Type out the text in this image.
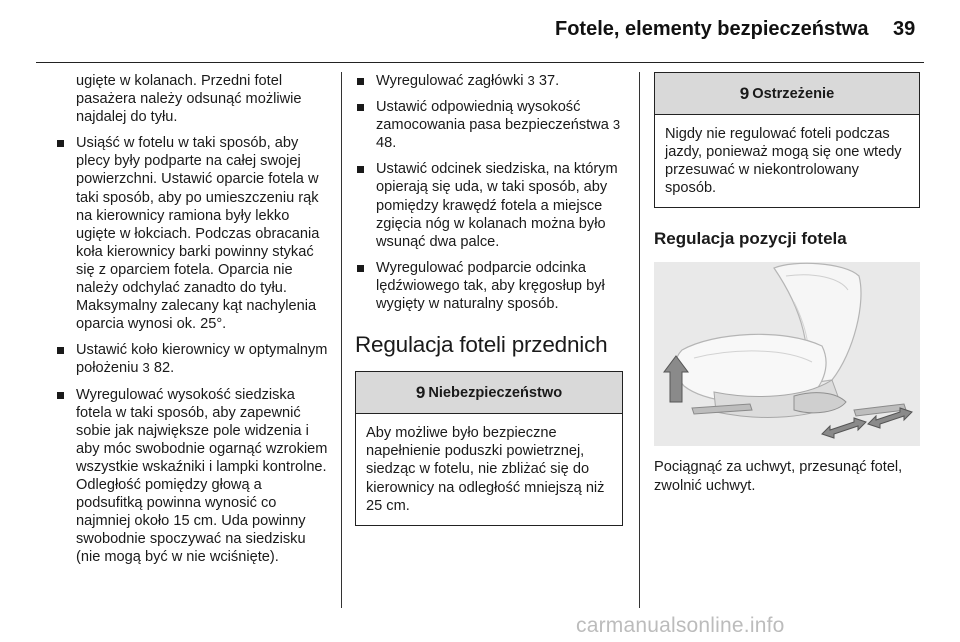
Fotele, elementy bezpieczeństwa 39

ugięte w kolanach. Przedni fotel pasażera należy odsunąć możliwie najdalej do tyłu.

Usiąść w fotelu w taki sposób, aby plecy były podparte na całej swojej powierzchni. Ustawić oparcie fotela w taki sposób, aby po umieszczeniu rąk na kierownicy ramiona były lekko ugięte w łokciach. Podczas obracania koła kierownicy barki powinny stykać się z oparciem fotela. Oparcia nie należy odchylać zanadto do tyłu. Maksymalny zalecany kąt nachylenia oparcia wynosi ok. 25°.
Ustawić koło kierownicy w optymalnym położeniu 3 82.
Wyregulować wysokość siedziska fotela w taki sposób, aby zapewnić sobie jak największe pole widzenia i aby móc swobodnie ogarnąć wzrokiem wszystkie wskaźniki i lampki kontrolne. Odległość pomiędzy głową a podsufitką powinna wynosić co najmniej około 15 cm. Uda powinny swobodnie spoczywać na siedzisku (nie mogą być w nie wciśnięte).
Wyregulować zagłówki 3 37.
Ustawić odpowiednią wysokość zamocowania pasa bezpieczeństwa 3 48.
Ustawić odcinek siedziska, na którym opierają się uda, w taki sposób, aby pomiędzy krawędź fotela a miejsce zgięcia nóg w kolanach można było wsunąć dwa palce.
Wyregulować podparcie odcinka lędźwiowego tak, aby kręgosłup był wygięty w naturalny sposób.
Regulacja foteli przednich
9 Niebezpieczeństwo
Aby możliwe było bezpieczne napełnienie poduszki powietrznej, siedząc w fotelu, nie zbliżać się do kierownicy na odległość mniejszą niż 25 cm.
9 Ostrzeżenie
Nigdy nie regulować foteli podczas jazdy, ponieważ mogą się one wtedy przesuwać w niekontrolowany sposób.
Regulacja pozycji fotela

Pociągnąć za uchwyt, przesunąć fotel, zwolnić uchwyt.

carmanualsonline.info
